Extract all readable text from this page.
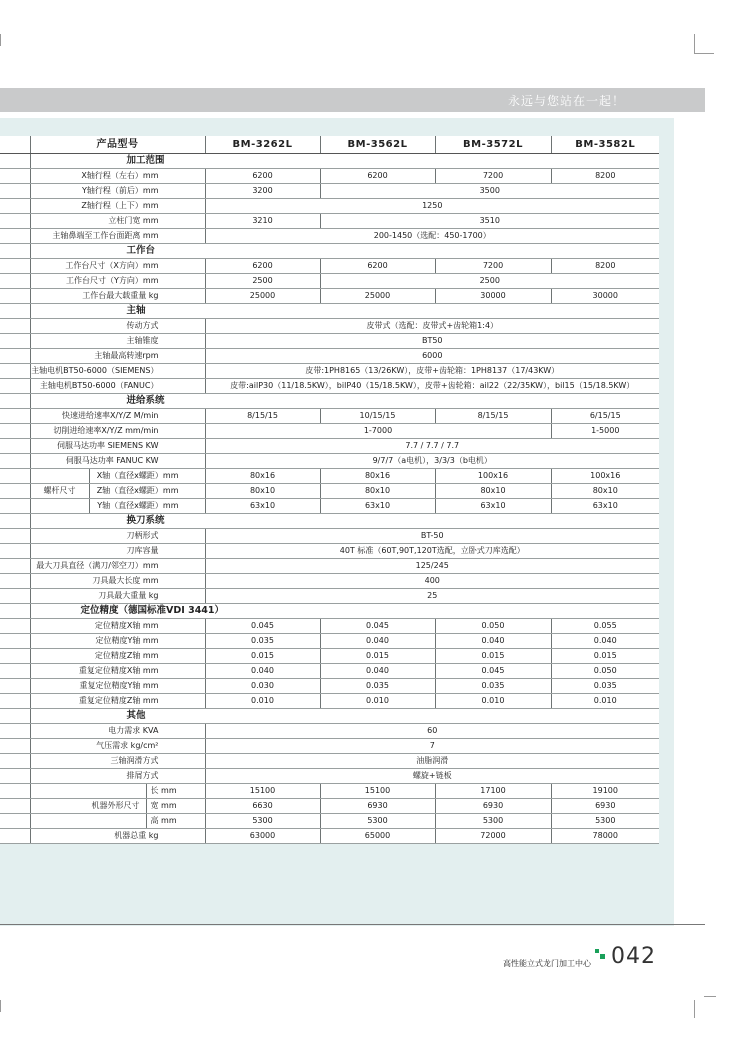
永远与您站在一起！
	产品型号	BM-3262L	BM-3562L	BM-3572L	BM-3582L
	加工范围				
	X轴行程（左右）mm	6200	6200	7200	8200
	Y轴行程（前后）mm	3200	3500		
	Z轴行程（上下）mm	1250			
	立柱门宽 mm	3210	3510		
	主轴鼻端至工作台面距离 mm	200-1450（选配：450-1700）			
	工作台				
	工作台尺寸（X方向）mm	6200	6200	7200	8200
	工作台尺寸（Y方向）mm	2500	2500		
	工作台最大载重量 kg	25000	25000	30000	30000
	主轴				
	传动方式	皮带式（选配：皮带式+齿轮箱1:4）			
	主轴锥度	BT50			
	主轴最高转速rpm	6000			
	主轴电机BT50-6000（SIEMENS）	皮带:1PH8165（13/26KW），皮带+齿轮箱：1PH8137（17/43KW）			
	主轴电机BT50-6000（FANUC）	皮带:ailP30（11/18.5KW），bilP40（15/18.5KW），皮带+齿轮箱：ail22（22/35KW），bil15（15/18.5KW）			
	进给系统				
	快速进给速率X/Y/Z M/min	8/15/15	10/15/15	8/15/15	6/15/15
	切削进给速率X/Y/Z mm/min	1-7000			1-5000
	伺服马达功率 SIEMENS KW	7.7 / 7.7 / 7.7			
	伺服马达功率 FANUC KW	9/7/7（a电机），3/3/3（b电机）			

	X轴（直径x螺距）mm	80x16	80x16	100x16	100x16

	螺杆尺寸 Z轴（直径x螺距）mm	80x10	80x10	80x10	80x10

	Y轴（直径x螺距）mm	63x10	63x10	63x10	63x10
	换刀系统				
	刀柄形式	BT-50			
	刀库容量	40T 标准（60T,90T,120T选配，立卧式刀库选配）			
	最大刀具直径（满刀/邻空刀）mm	125/245			
	刀具最大长度 mm	400			
	刀具最大重量 kg	25			
	定位精度（德国标准VDI 3441）				
	定位精度X轴 mm	0.045	0.045	0.050	0.055
	定位精度Y轴 mm	0.035	0.040	0.040	0.040
	定位精度Z轴 mm	0.015	0.015	0.015	0.015
	重复定位精度X轴 mm	0.040	0.040	0.045	0.050
	重复定位精度Y轴 mm	0.030	0.035	0.035	0.035
	重复定位精度Z轴 mm	0.010	0.010	0.010	0.010
	其他				
	电力需求 KVA	60			
	气压需求 kg/cm²	7			
	三轴润滑方式	油脂润滑			
	排屑方式	螺旋+链板			

	长 mm	15100	15100	17100	19100

	机器外形尺寸 宽 mm	6630	6930	6930	6930

	高 mm	5300	5300	5300	5300
	机器总重 kg	63000	65000	72000	78000
高性能立式龙门加工中心 042
